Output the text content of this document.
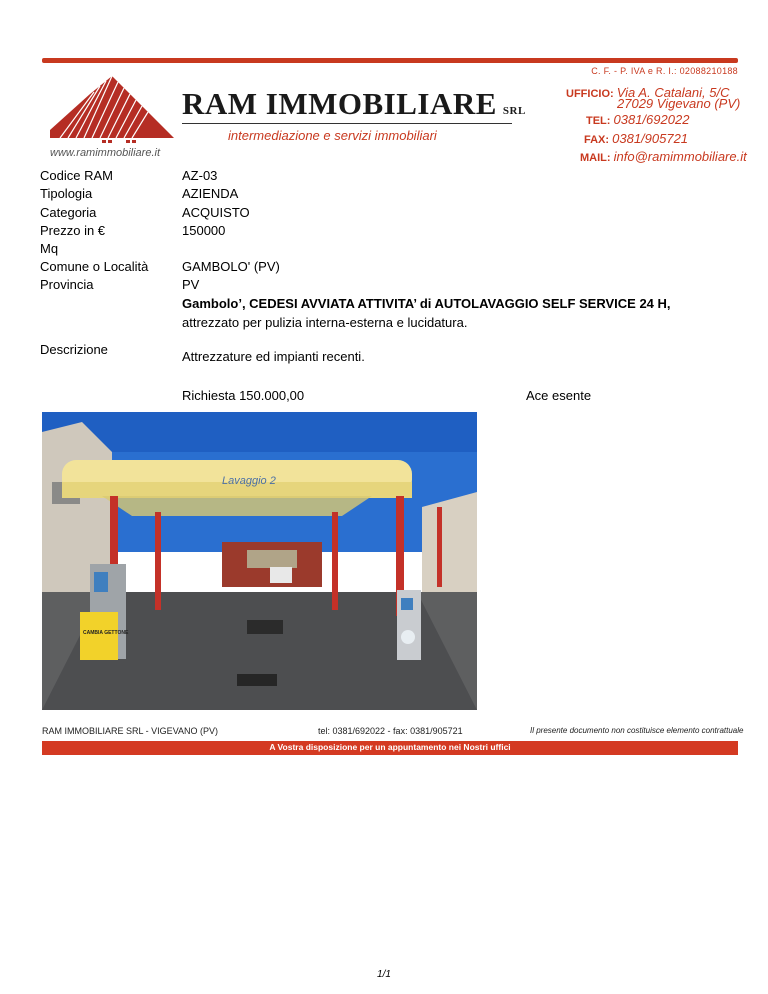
C. F. - P. IVA e R. I.: 02088210188
RAM IMMOBILIARE SRL
intermediazione e servizi immobiliari
www.ramimmobiliare.it
UFFICIO: Via A. Catalani, 5/C
27029 Vigevano (PV)
TEL: 0381/692022
FAX: 0381/905721
MAIL: info@ramimmobiliare.it
Codice RAM	AZ-03
Tipologia	AZIENDA
Categoria	ACQUISTO
Prezzo in €	150000
Mq
Comune o Località	GAMBOLO' (PV)
Provincia	PV
Gambolo’, CEDESI AVVIATA ATTIVITA’ di AUTOLAVAGGIO SELF SERVICE 24 H,
attrezzato per pulizia interna-esterna e lucidatura.
Descrizione	Attrezzature ed impianti recenti.
Richiesta 150.000,00	Ace esente
Lavaggio 2
CAMBIA GETTONE
RAM IMMOBILIARE SRL - VIGEVANO (PV)	tel: 0381/692022 - fax: 0381/905721	Il presente documento non costituisce elemento contrattuale
A Vostra disposizione per un appuntamento nei Nostri uffici
1/1
